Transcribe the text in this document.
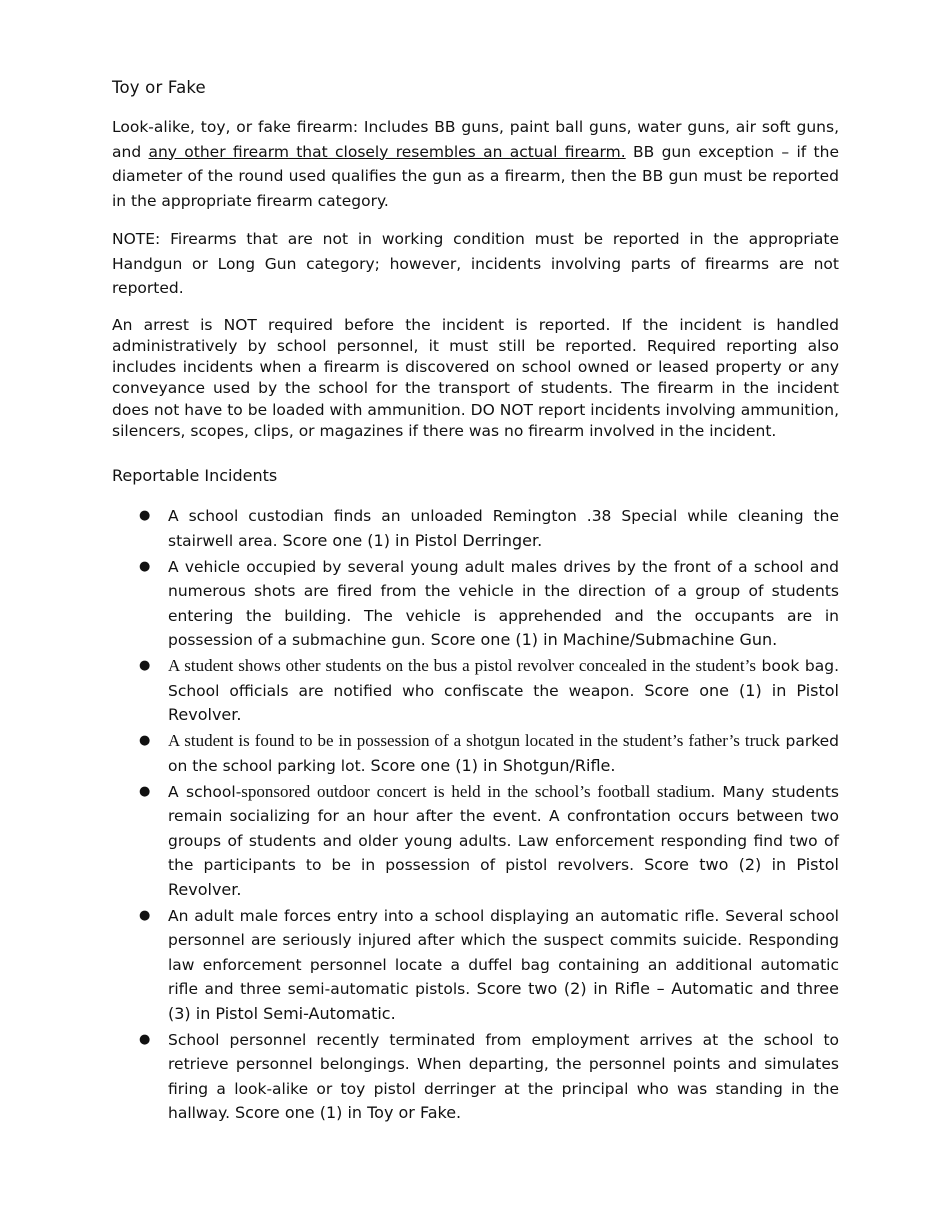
Toy or Fake

Look-alike, toy, or fake firearm: Includes BB guns, paint ball guns, water guns, air soft guns, and any other firearm that closely resembles an actual firearm. BB gun exception – if the diameter of the round used qualifies the gun as a firearm, then the BB gun must be reported in the appropriate firearm category.

NOTE: Firearms that are not in working condition must be reported in the appropriate Handgun or Long Gun category; however, incidents involving parts of firearms are not reported.

An arrest is NOT required before the incident is reported. If the incident is handled administratively by school personnel, it must still be reported. Required reporting also includes incidents when a firearm is discovered on school owned or leased property or any conveyance used by the school for the transport of students. The firearm in the incident does not have to be loaded with ammunition. DO NOT report incidents involving ammunition, silencers, scopes, clips, or magazines if there was no firearm involved in the incident.

Reportable Incidents
● A school custodian finds an unloaded Remington .38 Special while cleaning the stairwell area. Score one (1) in Pistol Derringer.
● A vehicle occupied by several young adult males drives by the front of a school and numerous shots are fired from the vehicle in the direction of a group of students entering the building. The vehicle is apprehended and the occupants are in possession of a submachine gun. Score one (1) in Machine/Submachine Gun.
● A student shows other students on the bus a pistol revolver concealed in the student’s book bag. School officials are notified who confiscate the weapon. Score one (1) in Pistol Revolver.
● A student is found to be in possession of a shotgun located in the student’s father’s truck parked on the school parking lot. Score one (1) in Shotgun/Rifle.
● A school-sponsored outdoor concert is held in the school’s football stadium. Many students remain socializing for an hour after the event. A confrontation occurs between two groups of students and older young adults. Law enforcement responding find two of the participants to be in possession of pistol revolvers. Score two (2) in Pistol Revolver.
● An adult male forces entry into a school displaying an automatic rifle. Several school personnel are seriously injured after which the suspect commits suicide. Responding law enforcement personnel locate a duffel bag containing an additional automatic rifle and three semi-automatic pistols. Score two (2) in Rifle – Automatic and three (3) in Pistol Semi-Automatic.
● School personnel recently terminated from employment arrives at the school to retrieve personnel belongings. When departing, the personnel points and simulates firing a look-alike or toy pistol derringer at the principal who was standing in the hallway. Score one (1) in Toy or Fake.
